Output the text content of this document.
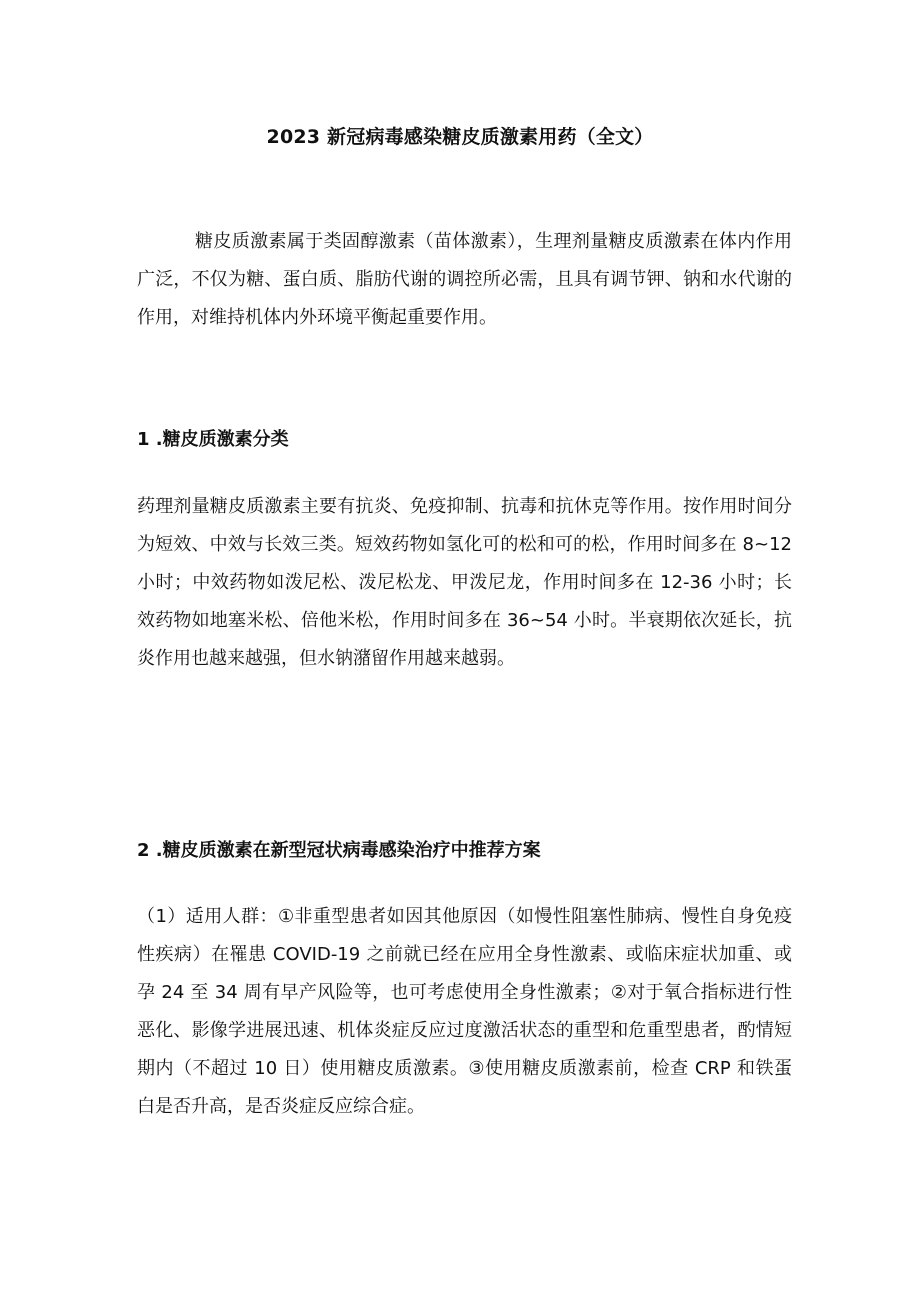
2023 新冠病毒感染糖皮质激素用药（全文）

糖皮质激素属于类固醇激素（苗体激素），生理剂量糖皮质激素在体内作用广泛，不仅为糖、蛋白质、脂肪代谢的调控所必需，且具有调节钾、钠和水代谢的作用，对维持机体内外环境平衡起重要作用。

1 .糖皮质激素分类

药理剂量糖皮质激素主要有抗炎、免疫抑制、抗毒和抗休克等作用。按作用时间分为短效、中效与长效三类。短效药物如氢化可的松和可的松，作用时间多在 8~12 小时；中效药物如泼尼松、泼尼松龙、甲泼尼龙，作用时间多在 12-36 小时；长效药物如地塞米松、倍他米松，作用时间多在 36~54 小时。半衰期依次延长，抗炎作用也越来越强，但水钠潴留作用越来越弱。

2 .糖皮质激素在新型冠状病毒感染治疗中推荐方案

（1）适用人群：①非重型患者如因其他原因（如慢性阻塞性肺病、慢性自身免疫性疾病）在罹患 COVID-19 之前就已经在应用全身性激素、或临床症状加重、或孕 24 至 34 周有早产风险等，也可考虑使用全身性激素；②对于氧合指标进行性恶化、影像学进展迅速、机体炎症反应过度激活状态的重型和危重型患者，酌情短期内（不超过 10 日）使用糖皮质激素。③使用糖皮质激素前，检查 CRP 和铁蛋白是否升高，是否炎症反应综合症。
